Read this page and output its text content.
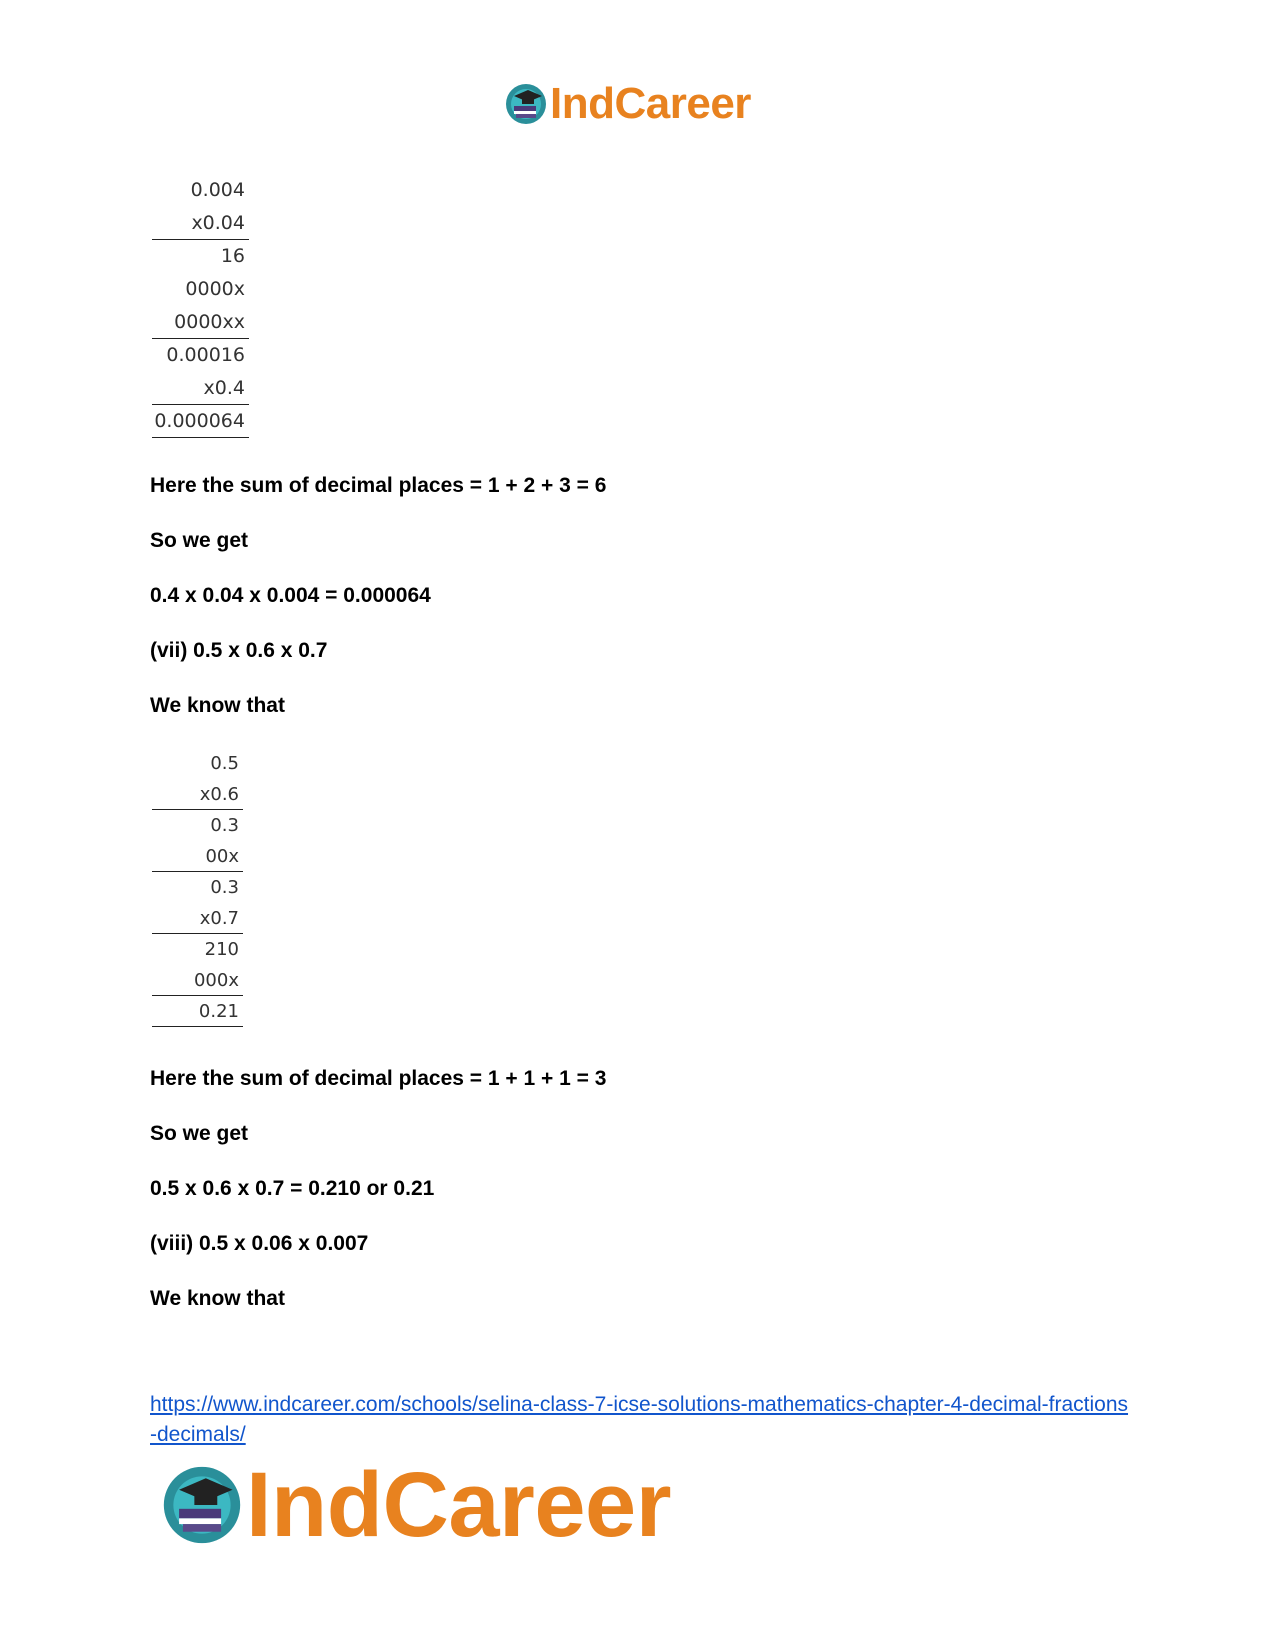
IndCareer
0.004
x0.04
16
0000x
0000xx
0.00016
x0.4
0.000064
Here the sum of decimal places = 1 + 2 + 3 = 6
So we get
0.4 x 0.04 x 0.004 = 0.000064
(vii) 0.5 x 0.6 x 0.7
We know that
0.5
x0.6
0.3
00x
0.3
x0.7
210
000x
0.21
Here the sum of decimal places = 1 + 1 + 1 = 3
So we get
0.5 x 0.6 x 0.7 = 0.210 or 0.21
(viii) 0.5 x 0.06 x 0.007
We know that
https://www.indcareer.com/schools/selina-class-7-icse-solutions-mathematics-chapter-4-decimal-fractions-decimals/
IndCareer
